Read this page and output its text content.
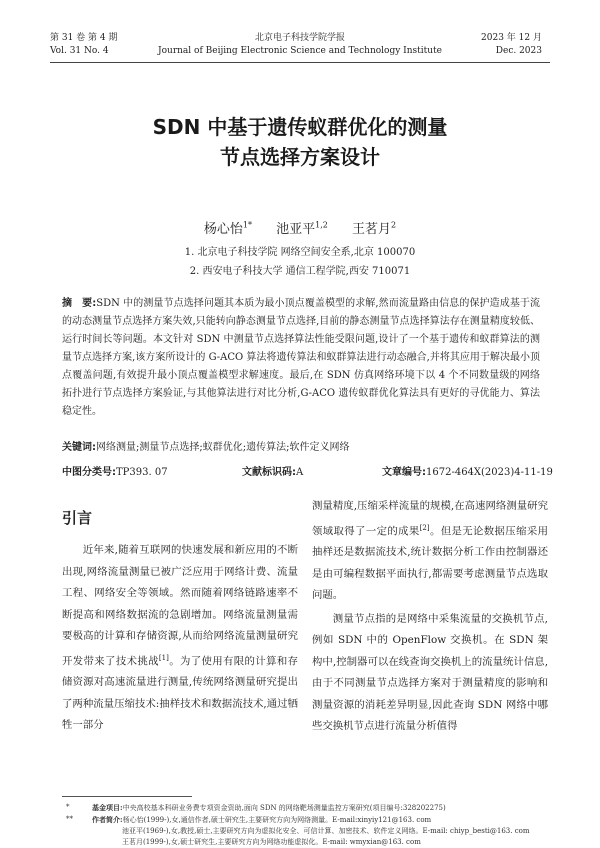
第 31 卷 第 4 期
Vol. 31 No. 4
北京电子科技学院学报
Journal of Beijing Electronic Science and Technology Institute
2023 年 12 月
Dec. 2023
SDN 中基于遗传蚁群优化的测量
节点选择方案设计
杨心怡$^{1*}$ 池亚平$^{1,2}$ 王茗月$^2$
1. 北京电子科技学院 网络空间安全系,北京 100070
2. 西安电子科技大学 通信工程学院,西安 710071
摘　要:SDN 中的测量节点选择问题其本质为最小顶点覆盖模型的求解,然而流量路由信息的保护造成基于流的动态测量节点选择方案失效,只能转向静态测量节点选择,目前的静态测量节点选择算法存在测量精度较低、运行时间长等问题。本文针对 SDN 中测量节点选择算法性能受限问题,设计了一个基于遗传和蚁群算法的测量节点选择方案,该方案所设计的 G-ACO 算法将遗传算法和蚁群算法进行动态融合,并将其应用于解决最小顶点覆盖问题,有效提升最小顶点覆盖模型求解速度。最后,在 SDN 仿真网络环境下以 4 个不同数量级的网络拓扑进行节点选择方案验证,与其他算法进行对比分析,G-ACO 遗传蚁群优化算法具有更好的寻优能力、算法稳定性。
关键词:网络测量;测量节点选择;蚁群优化;遗传算法;软件定义网络
中图分类号:TP393. 07	文献标识码:A	文章编号:1672-464X(2023)4-11-19
引言

近年来,随着互联网的快速发展和新应用的不断出现,网络流量测量已被广泛应用于网络计费、流量工程、网络安全等领域。然而随着网络链路速率不断提高和网络数据流的急剧增加。网络流量测量需要极高的计算和存储资源,从而给网络流量测量研究开发带来了技术挑战[1]。为了使用有限的计算和存储资源对高速流量进行测量,传统网络测量研究提出了两种流量压缩技术:抽样技术和数据流技术,通过牺牲一部分

测量精度,压缩采样流量的规模,在高速网络测量研究领域取得了一定的成果[2]。但是无论数据压缩采用抽样还是数据流技术,统计数据分析工作由控制器还是由可编程数据平面执行,都需要考虑测量节点选取问题。

测量节点指的是网络中采集流量的交换机节点,例如 SDN 中的 OpenFlow 交换机。在 SDN 架构中,控制器可以在线查询交换机上的流量统计信息,由于不同测量节点选择方案对于测量精度的影响和测量资源的消耗差异明显,因此查询 SDN 网络中哪些交换机节点进行流量分析值得

*	基金项目:中央高校基本科研业务费专项资金资助,面向 SDN 的网络靶场测量监控方案研究(项目编号:328202275)
**	作者简介:杨心怡(1999-),女,通信作者,硕士研究生,主要研究方向为网络测量。E-mail:xinyiy121@163. com
池亚平(1969-),女,教授,硕士,主要研究方向为虚拟化安全、可信计算、加密技术、软件定义网络。E-mail: chiyp_besti@163. com
王茗月(1999-),女,硕士研究生,主要研究方向为网络功能虚拟化。E-mail: wmyxian@163. com
